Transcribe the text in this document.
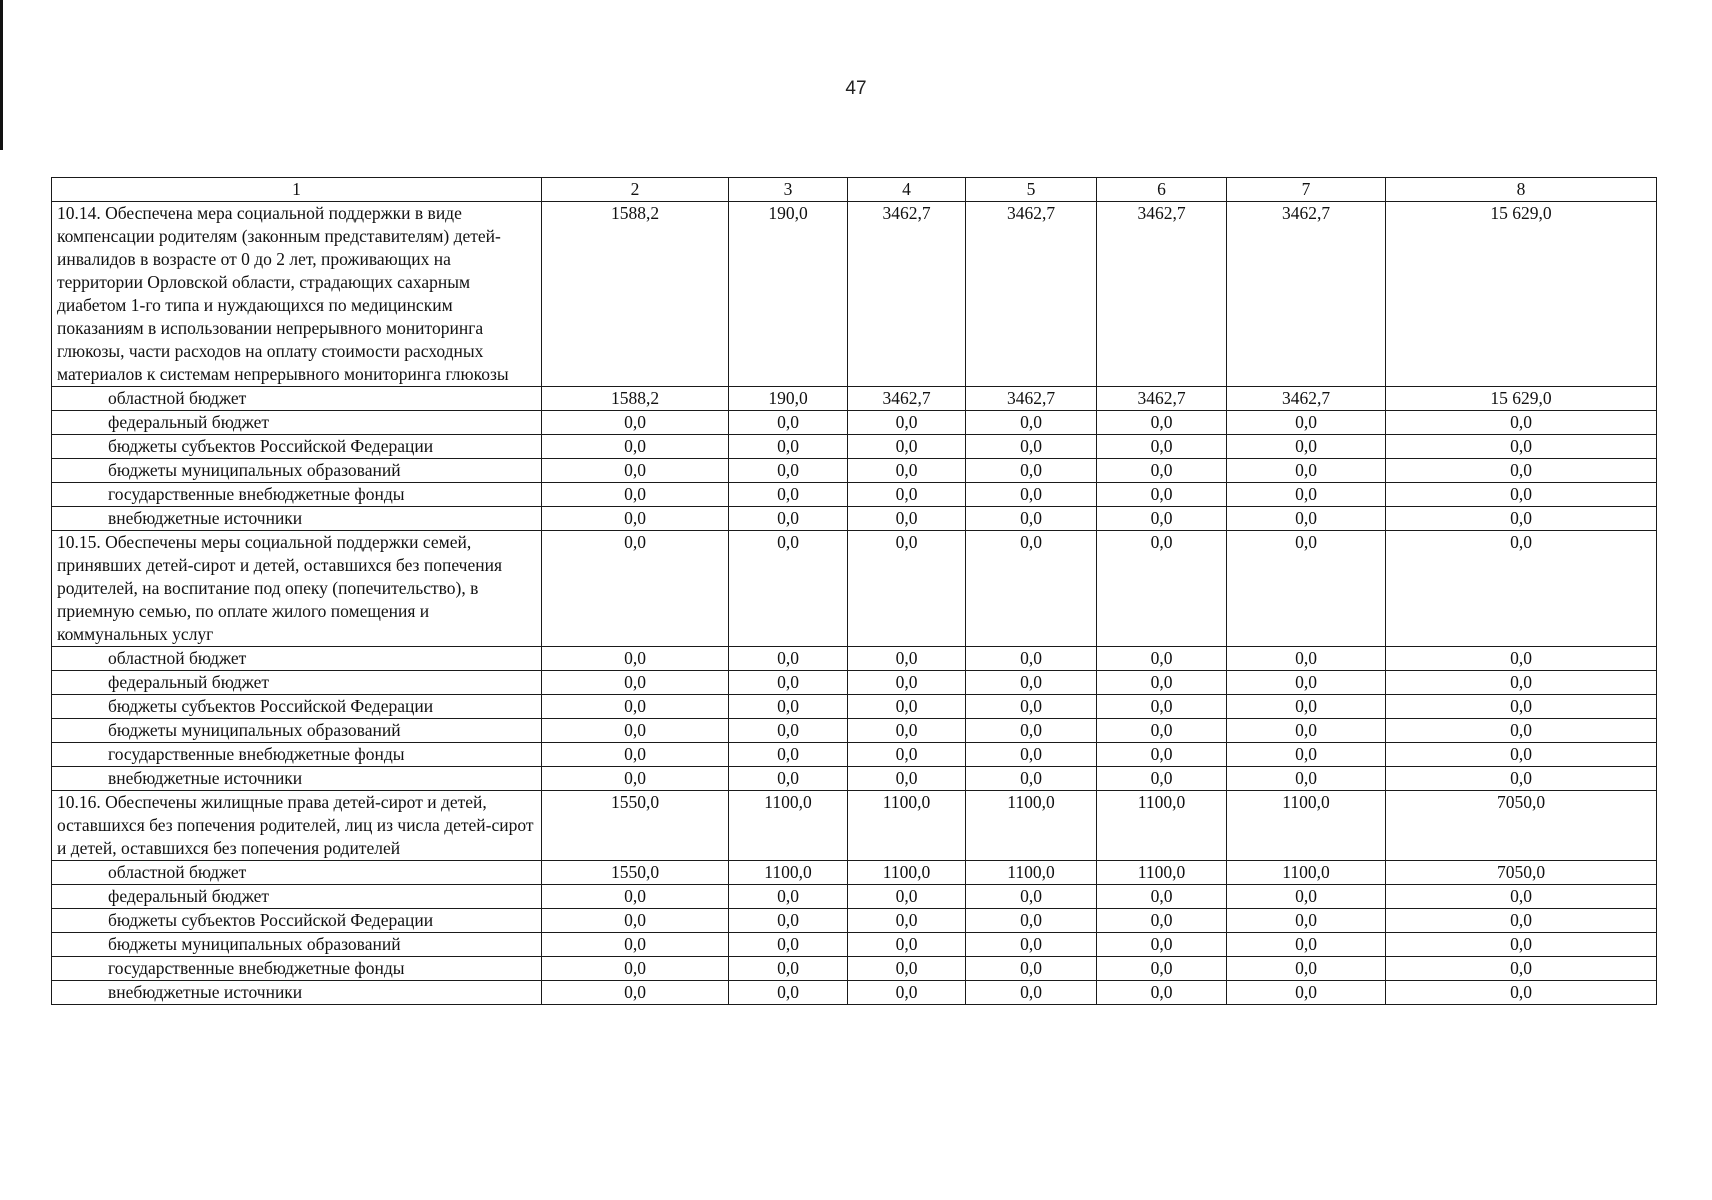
47
1	2	3	4	5	6	7	8
10.14. Обеспечена мера социальной поддержки в виде компенсации родителям (законным представителям) детей-инвалидов в возрасте от 0 до 2 лет, проживающих на территории Орловской области, страдающих сахарным диабетом 1-го типа и нуждающихся по медицинским показаниям в использовании непрерывного мониторинга глюкозы, части расходов на оплату стоимости расходных материалов к системам непрерывного мониторинга глюкозы	1588,2	190,0	3462,7	3462,7	3462,7	3462,7	15 629,0
областной бюджет	1588,2	190,0	3462,7	3462,7	3462,7	3462,7	15 629,0
федеральный бюджет	0,0	0,0	0,0	0,0	0,0	0,0	0,0
бюджеты субъектов Российской Федерации	0,0	0,0	0,0	0,0	0,0	0,0	0,0
бюджеты муниципальных образований	0,0	0,0	0,0	0,0	0,0	0,0	0,0
государственные внебюджетные фонды	0,0	0,0	0,0	0,0	0,0	0,0	0,0
внебюджетные источники	0,0	0,0	0,0	0,0	0,0	0,0	0,0
10.15. Обеспечены меры социальной поддержки семей, принявших детей-сирот и детей, оставшихся без попечения родителей, на воспитание под опеку (попечительство), в приемную семью, по оплате жилого помещения и коммунальных услуг	0,0	0,0	0,0	0,0	0,0	0,0	0,0
областной бюджет	0,0	0,0	0,0	0,0	0,0	0,0	0,0
федеральный бюджет	0,0	0,0	0,0	0,0	0,0	0,0	0,0
бюджеты субъектов Российской Федерации	0,0	0,0	0,0	0,0	0,0	0,0	0,0
бюджеты муниципальных образований	0,0	0,0	0,0	0,0	0,0	0,0	0,0
государственные внебюджетные фонды	0,0	0,0	0,0	0,0	0,0	0,0	0,0
внебюджетные источники	0,0	0,0	0,0	0,0	0,0	0,0	0,0
10.16. Обеспечены жилищные права детей-сирот и детей, оставшихся без попечения родителей, лиц из числа детей-сирот и детей, оставшихся без попечения родителей	1550,0	1100,0	1100,0	1100,0	1100,0	1100,0	7050,0
областной бюджет	1550,0	1100,0	1100,0	1100,0	1100,0	1100,0	7050,0
федеральный бюджет	0,0	0,0	0,0	0,0	0,0	0,0	0,0
бюджеты субъектов Российской Федерации	0,0	0,0	0,0	0,0	0,0	0,0	0,0
бюджеты муниципальных образований	0,0	0,0	0,0	0,0	0,0	0,0	0,0
государственные внебюджетные фонды	0,0	0,0	0,0	0,0	0,0	0,0	0,0
внебюджетные источники	0,0	0,0	0,0	0,0	0,0	0,0	0,0
